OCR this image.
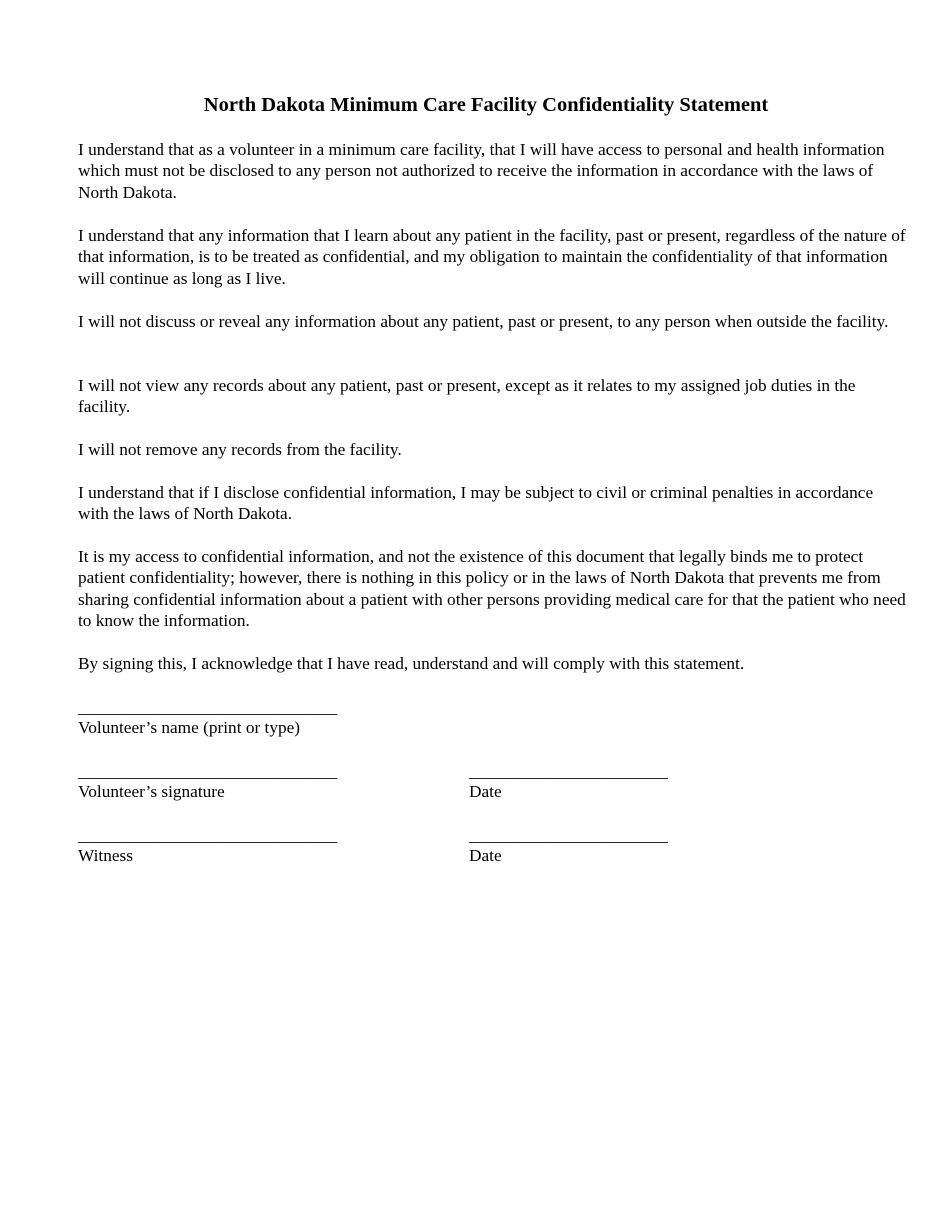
North Dakota Minimum Care Facility Confidentiality Statement

I understand that as a volunteer in a minimum care facility, that I will have access to personal and health information which must not be disclosed to any person not authorized to receive the information in accordance with the laws of North Dakota.

I understand that any information that I learn about any patient in the facility, past or present, regardless of the nature of that information, is to be treated as confidential, and my obligation to maintain the confidentiality of that information will continue as long as I live.

I will not discuss or reveal any information about any patient, past or present, to any person when outside the facility.

I will not view any records about any patient, past or present, except as it relates to my assigned job duties in the facility.

I will not remove any records from the facility.

I understand that if I disclose confidential information, I may be subject to civil or criminal penalties in accordance with the laws of North Dakota.

It is my access to confidential information, and not the existence of this document that legally binds me to protect patient confidentiality; however, there is nothing in this policy or in the laws of North Dakota that prevents me from sharing confidential information about a patient with other persons providing medical care for that the patient who need to know the information.

By signing this, I acknowledge that I have read, understand and will comply with this statement.

______________________________
Volunteer’s name (print or type)
______________________________
Volunteer’s signature
_______________________
Date
______________________________
Witness
_______________________
Date
